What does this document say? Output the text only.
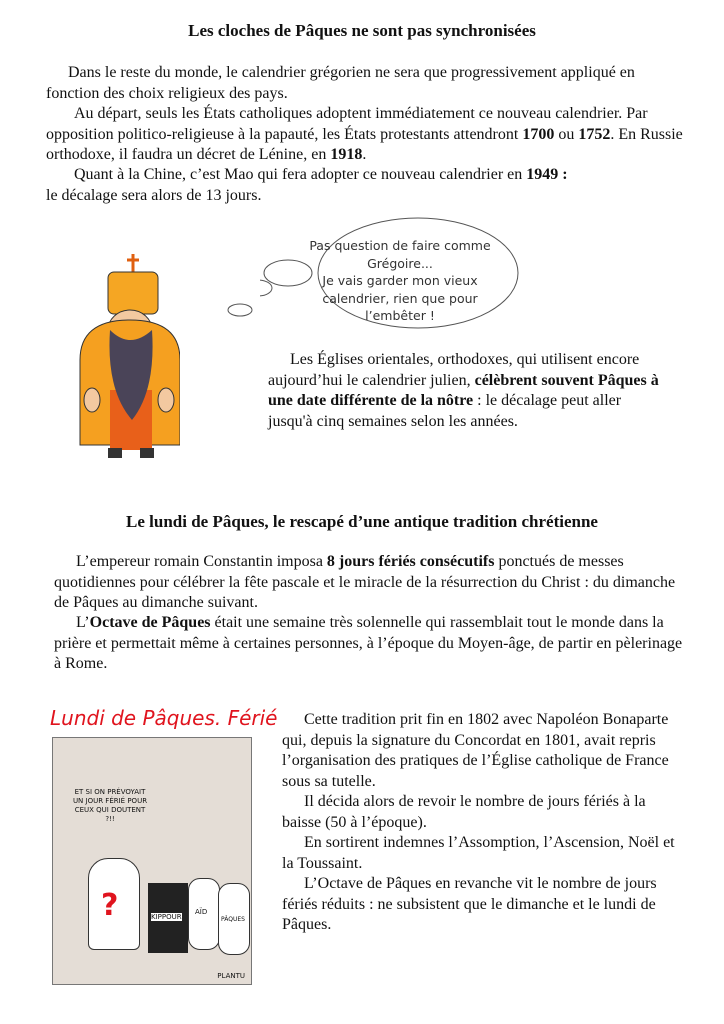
Les cloches de Pâques ne sont pas synchronisées

Dans le reste du monde, le calendrier grégorien ne sera que progressivement appliqué en fonction des choix religieux des pays.

Au départ, seuls les États catholiques adoptent immédiatement ce nouveau calendrier. Par opposition politico-religieuse à la papauté, les États protestants attendront 1700 ou 1752. En Russie orthodoxe, il faudra un décret de Lénine, en 1918.

Quant à la Chine, c’est Mao qui fera adopter ce nouveau calendrier en 1949 :
le décalage sera alors de 13 jours.

Pas question de faire comme
Grégoire...
Je vais garder mon vieux
calendrier, rien que pour
l’embêter !

Les Églises orientales, orthodoxes, qui utilisent encore aujourd’hui le calendrier julien, célèbrent souvent Pâques à une date différente de la nôtre : le décalage peut aller jusqu'à cinq semaines selon les années.

Le lundi de Pâques, le rescapé d’une antique tradition chrétienne

L’empereur romain Constantin imposa 8 jours fériés consécutifs ponctués de messes quotidiennes pour célébrer la fête pascale et le miracle de la résurrection du Christ : du dimanche de Pâques au dimanche suivant.

L’Octave de Pâques était une semaine très solennelle qui rassemblait tout le monde dans la prière et permettait même à certaines personnes, à l’époque du Moyen-âge, de partir en pèlerinage à Rome.

Lundi de Pâques. Férié
ET SI ON PRÉVOYAIT UN JOUR FÉRIÉ POUR CEUX QUI DOUTENT ?!!
?	KIPPOUR
AÏD
PÂQUES
PLANTU

Cette tradition prit fin en 1802 avec Napoléon Bonaparte qui, depuis la signature du Concordat en 1801, avait repris l’organisation des pratiques de l’Église catholique de France sous sa tutelle.

Il décida alors de revoir le nombre de jours fériés à la baisse (50 à l’époque).

En sortirent indemnes l’Assomption, l’Ascension, Noël et la Toussaint.

L’Octave de Pâques en revanche vit le nombre de jours fériés réduits : ne subsistent que le dimanche et le lundi de Pâques.
